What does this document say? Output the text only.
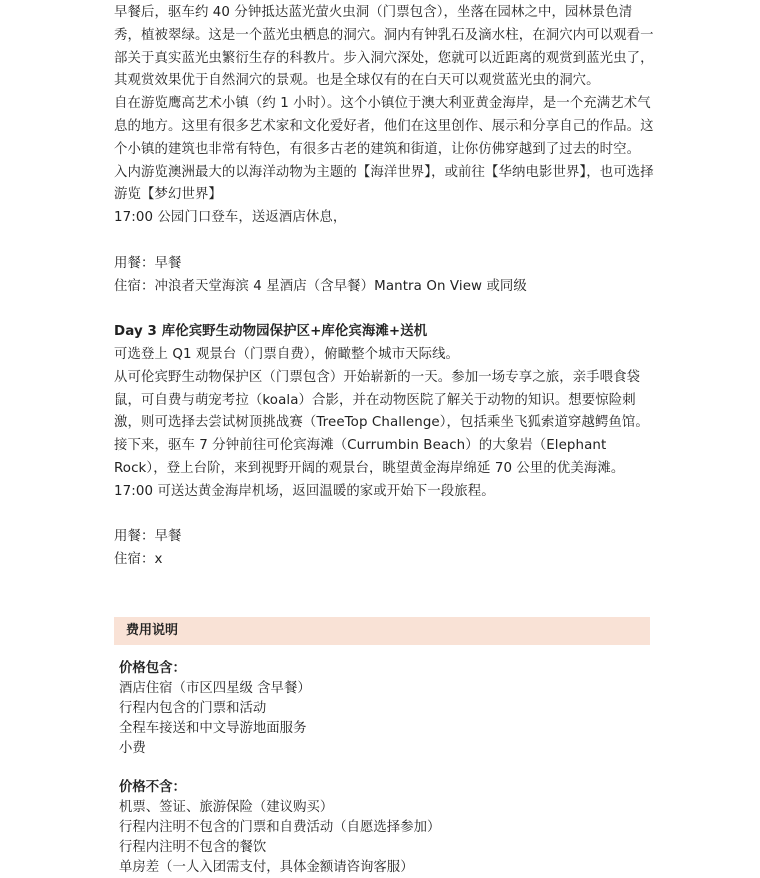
早餐后，驱车约 40 分钟抵达蓝光萤火虫洞（门票包含），坐落在园林之中，园林景色清秀，植被翠绿。这是一个蓝光虫栖息的洞穴。洞内有钟乳石及滴水柱，在洞穴内可以观看一部关于真实蓝光虫繁衍生存的科教片。步入洞穴深处，您就可以近距离的观赏到蓝光虫了，其观赏效果优于自然洞穴的景观。也是全球仅有的在白天可以观赏蓝光虫的洞穴。

自在游览鹰高艺术小镇（约 1 小时）。这个小镇位于澳大利亚黄金海岸，是一个充满艺术气息的地方。这里有很多艺术家和文化爱好者，他们在这里创作、展示和分享自己的作品。这个小镇的建筑也非常有特色，有很多古老的建筑和街道，让你仿佛穿越到了过去的时空。

入内游览澳洲最大的以海洋动物为主题的【海洋世界】，或前往【华纳电影世界】，也可选择游览【梦幻世界】

17:00 公园门口登车，送返酒店休息，

用餐：早餐

住宿：冲浪者天堂海滨 4 星酒店（含早餐）Mantra On View 或同级

Day 3 库伦宾野生动物园保护区+库伦宾海滩+送机

可选登上 Q1 观景台（门票自费），俯瞰整个城市天际线。

从可伦宾野生动物保护区（门票包含）开始崭新的一天。参加一场专享之旅，亲手喂食袋鼠，可自费与萌宠考拉（koala）合影，并在动物医院了解关于动物的知识。想要惊险刺激，则可选择去尝试树顶挑战赛（TreeTop Challenge），包括乘坐飞狐索道穿越鳄鱼馆。接下来，驱车 7 分钟前往可伦宾海滩（Currumbin Beach）的大象岩（Elephant Rock），登上台阶，来到视野开阔的观景台，眺望黄金海岸绵延 70 公里的优美海滩。

17:00 可送达黄金海岸机场，返回温暖的家或开始下一段旅程。

用餐：早餐

住宿：x

费用说明

价格包含：

酒店住宿（市区四星级 含早餐）

行程内包含的门票和活动

全程车接送和中文导游地面服务

小费

价格不含：

机票、签证、旅游保险（建议购买）

行程内注明不包含的门票和自费活动（自愿选择参加）

行程内注明不包含的餐饮

单房差（一人入团需支付，具体金额请咨询客服）
